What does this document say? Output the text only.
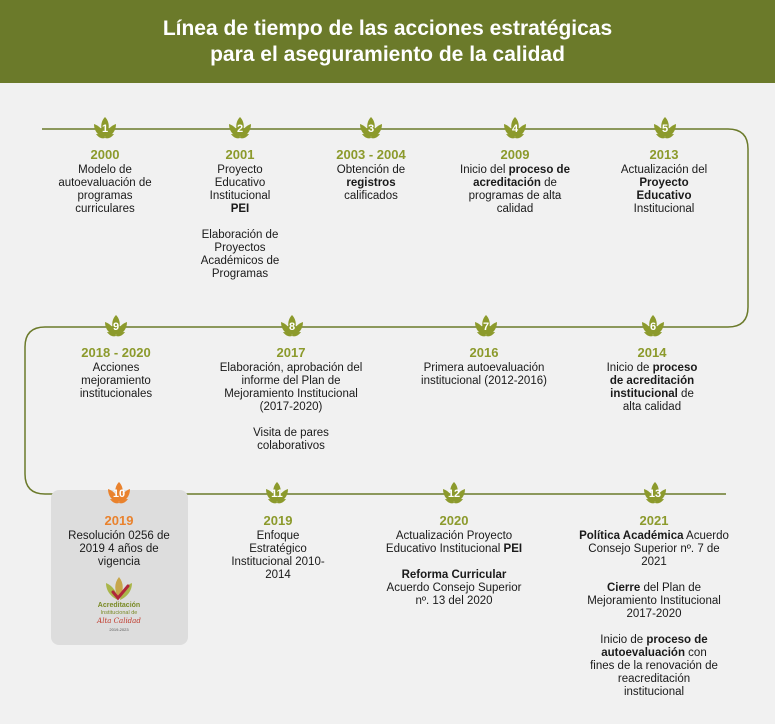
Línea de tiempo de las acciones estratégicas
para el aseguramiento de la calidad
1	2	3	4	5
6
7
8
9
10	11	12	13
2000

Modelo de autoevaluación de programas curriculares

2001

Proyecto Educativo Institucional PEI

Elaboración de Proyectos Académicos de Programas

2003 - 2004

Obtención de registros calificados

2009

Inicio del proceso de acreditación de programas de alta calidad

2013

Actualización del Proyecto Educativo Institucional

2018 - 2020

Acciones mejoramiento institucionales

2017

Elaboración, aprobación del informe del Plan de Mejoramiento Institucional (2017-2020)

Visita de pares colaborativos

2016

Primera autoevaluación institucional (2012-2016)

2014

Inicio de proceso de acreditación institucional de alta calidad

2019

Resolución 0256 de 2019 4 años de vigencia

Acreditación
Institucional de
Alta Calidad
2019-2023
2019

Enfoque Estratégico Institucional 2010-2014

2020

Actualización Proyecto Educativo Institucional PEI

Reforma Curricular Acuerdo Consejo Superior nº. 13 del 2020

2021

Política Académica Acuerdo Consejo Superior nº. 7 de 2021

Cierre del Plan de Mejoramiento Institucional 2017-2020

Inicio de proceso de autoevaluación con fines de la renovación de reacreditación institucional
